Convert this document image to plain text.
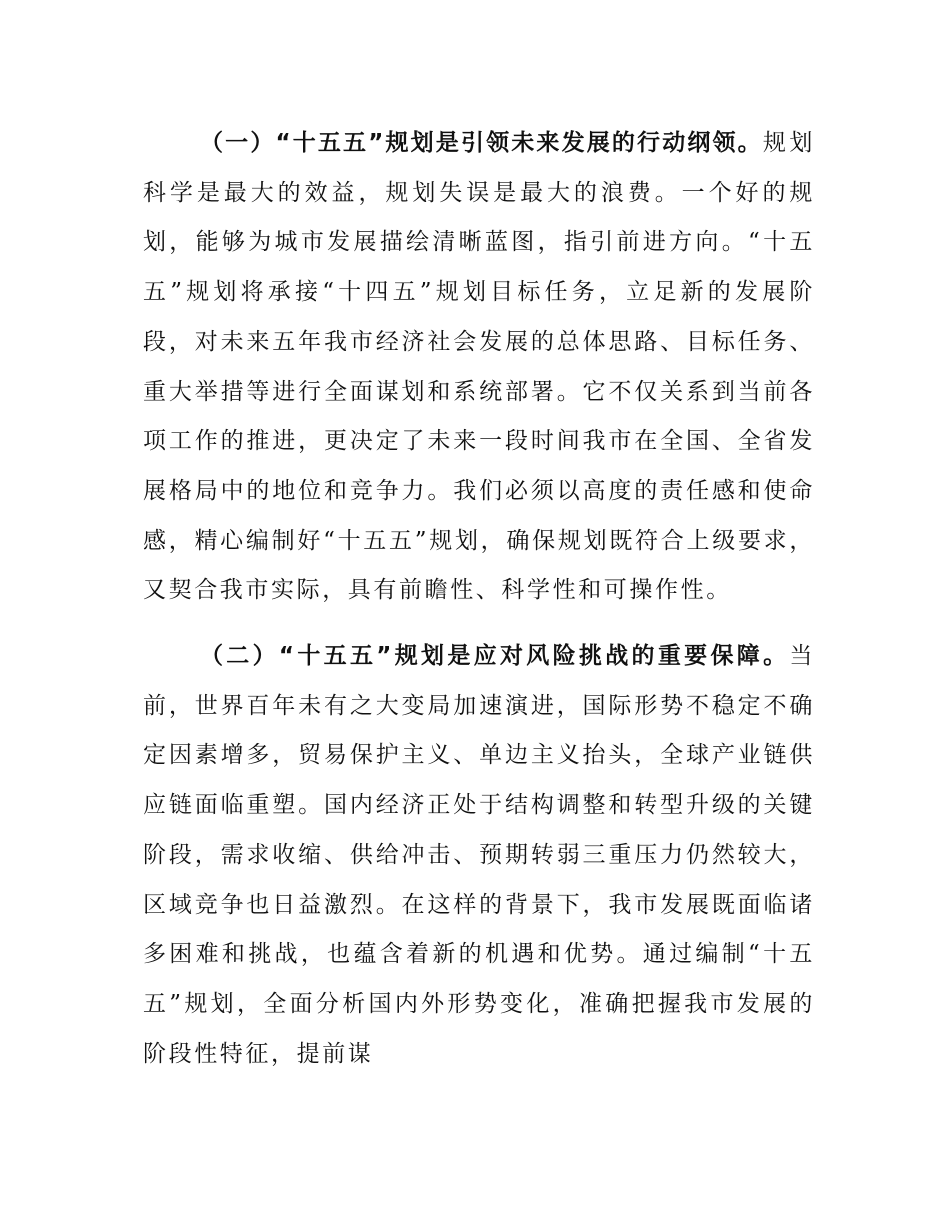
（一）“十五五”规划是引领未来发展的行动纲领。规划科学是最大的效益，规划失误是最大的浪费。一个好的规划，能够为城市发展描绘清晰蓝图，指引前进方向。“十五五”规划将承接“十四五”规划目标任务，立足新的发展阶段，对未来五年我市经济社会发展的总体思路、目标任务、重大举措等进行全面谋划和系统部署。它不仅关系到当前各项工作的推进，更决定了未来一段时间我市在全国、全省发展格局中的地位和竞争力。我们必须以高度的责任感和使命感，精心编制好“十五五”规划，确保规划既符合上级要求，又契合我市实际，具有前瞻性、科学性和可操作性。

（二）“十五五”规划是应对风险挑战的重要保障。当前，世界百年未有之大变局加速演进，国际形势不稳定不确定因素增多，贸易保护主义、单边主义抬头，全球产业链供应链面临重塑。国内经济正处于结构调整和转型升级的关键阶段，需求收缩、供给冲击、预期转弱三重压力仍然较大，区域竞争也日益激烈。在这样的背景下，我市发展既面临诸多困难和挑战，也蕴含着新的机遇和优势。通过编制“十五五”规划，全面分析国内外形势变化，准确把握我市发展的阶段性特征，提前谋
